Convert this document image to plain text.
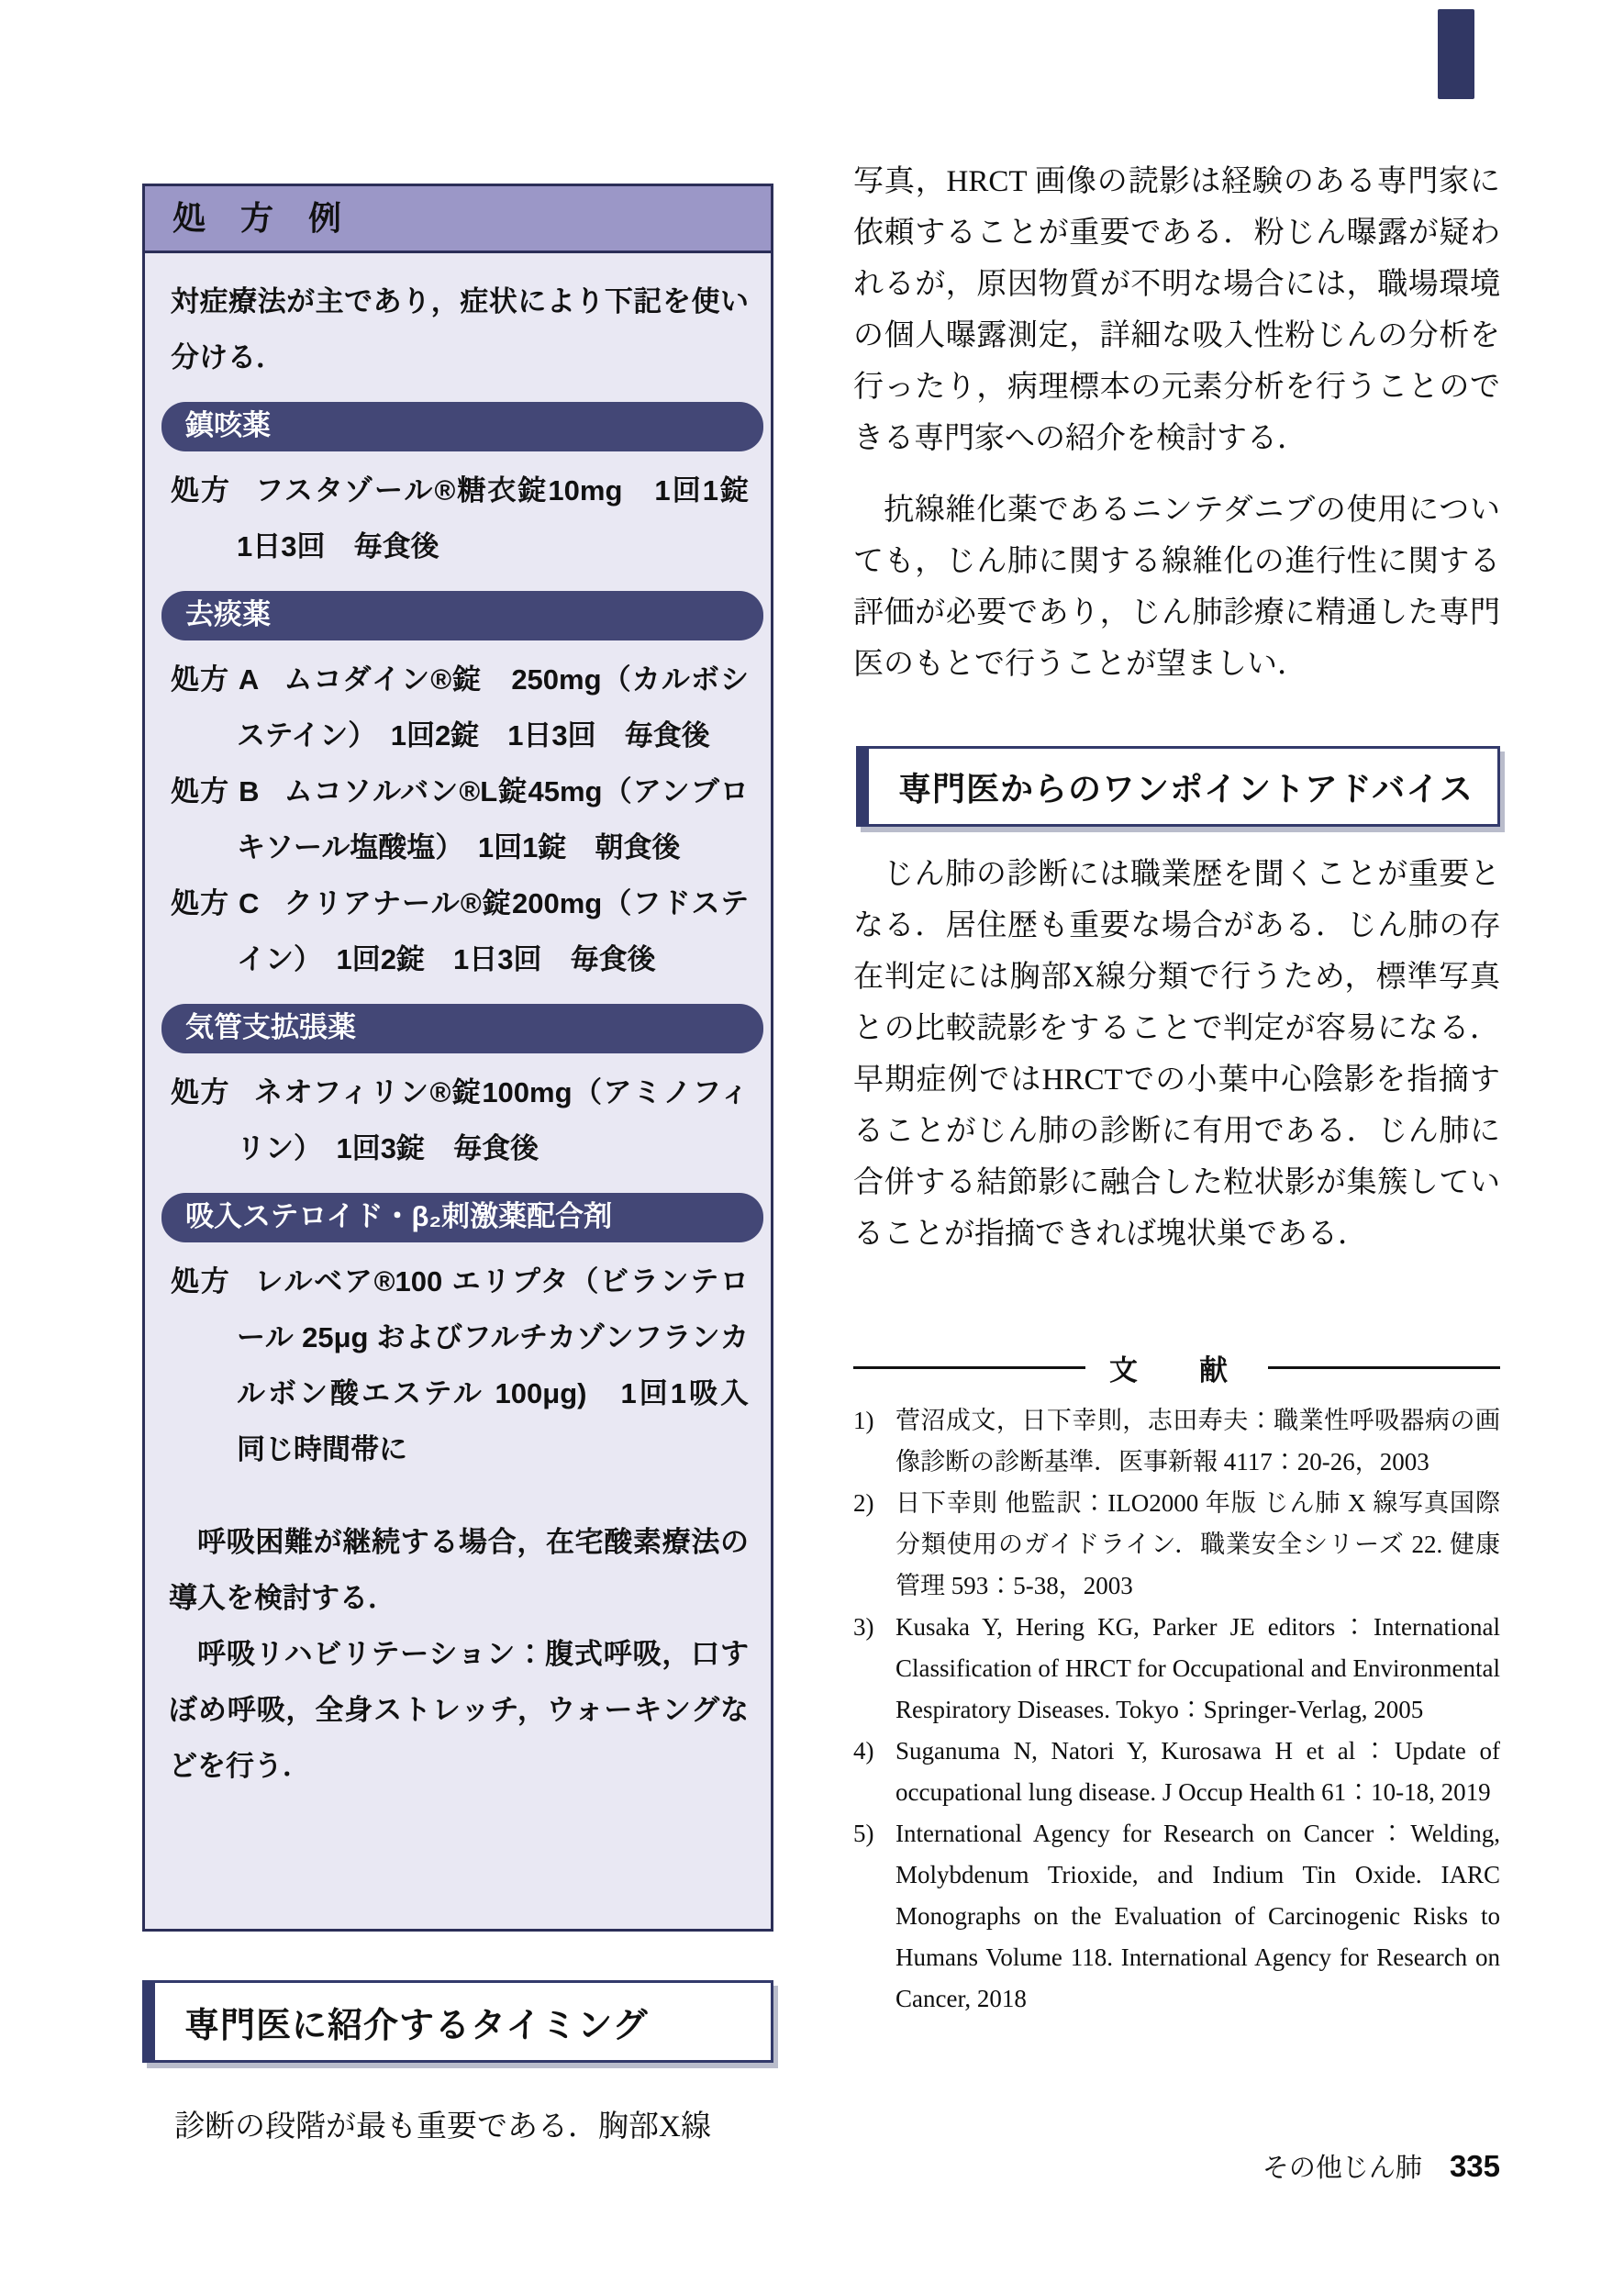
処 方 例

対症療法が主であり，症状により下記を使い分ける．

鎮咳薬

処方 フスタゾール®糖衣錠10mg　1回1錠　1日3回　毎食後

去痰薬

処方 A ムコダイン®錠　250mg（カルボシステイン）　1回2錠　1日3回　毎食後

処方 B ムコソルバン®L錠45mg（アンブロキソール塩酸塩）　1回1錠　朝食後

処方 C クリアナール®錠200mg（フドステイン）　1回2錠　1日3回　毎食後

気管支拡張薬

処方 ネオフィリン®錠100mg（アミノフィリン）　1回3錠　毎食後

吸入ステロイド・β₂刺激薬配合剤

処方 レルベア®100 エリプタ（ビランテロール 25μg およびフルチカゾンフランカルボン酸エステル 100μg)　1回1吸入　同じ時間帯に

呼吸困難が継続する場合，在宅酸素療法の導入を検討する．

呼吸リハビリテーション：腹式呼吸，口すぼめ呼吸，全身ストレッチ，ウォーキングなどを行う．

専門医に紹介するタイミング

診断の段階が最も重要である．胸部X線

写真，HRCT 画像の読影は経験のある専門家に依頼することが重要である．粉じん曝露が疑われるが，原因物質が不明な場合には，職場環境の個人曝露測定，詳細な吸入性粉じんの分析を行ったり，病理標本の元素分析を行うことのできる専門家への紹介を検討する．

抗線維化薬であるニンテダニブの使用についても，じん肺に関する線維化の進行性に関する評価が必要であり，じん肺診療に精通した専門医のもとで行うことが望ましい．

専門医からのワンポイントアドバイス

じん肺の診断には職業歴を聞くことが重要となる．居住歴も重要な場合がある．じん肺の存在判定には胸部X線分類で行うため，標準写真との比較読影をすることで判定が容易になる．早期症例ではHRCTでの小葉中心陰影を指摘することがじん肺の診断に有用である．じん肺に合併する結節影に融合した粒状影が集簇していることが指摘できれば塊状巣である．

文　献
1) 菅沼成文，日下幸則，志田寿夫：職業性呼吸器病の画像診断の診断基準．医事新報 4117：20-26，2003
2) 日下幸則 他監訳：ILO2000 年版 じん肺 X 線写真国際分類使用のガイドライン．職業安全シリーズ 22. 健康管理 593：5-38，2003
3) Kusaka Y, Hering KG, Parker JE editors：International Classification of HRCT for Occupational and Environmental Respiratory Diseases. Tokyo：Springer-Verlag, 2005
4) Suganuma N, Natori Y, Kurosawa H et al：Update of occupational lung disease. J Occup Health 61：10-18, 2019
5) International Agency for Research on Cancer：Welding, Molybdenum Trioxide, and Indium Tin Oxide. IARC Monographs on the Evaluation of Carcinogenic Risks to Humans Volume 118. International Agency for Research on Cancer, 2018
その他じん肺 335
